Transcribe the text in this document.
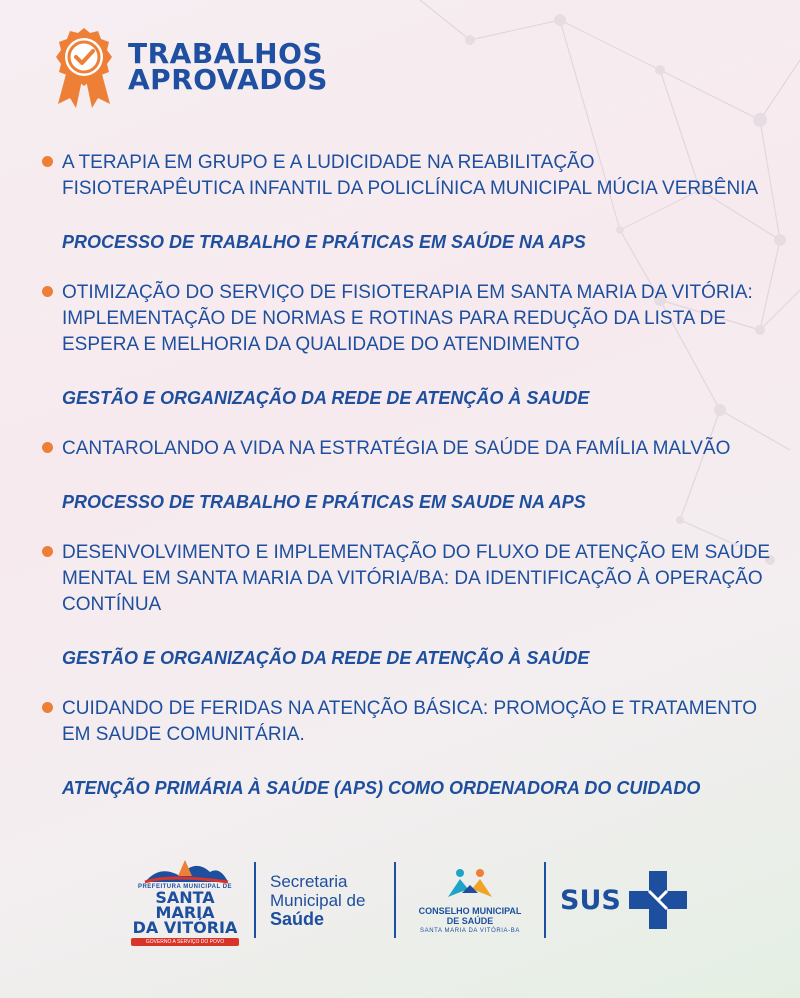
TRABALHOS
APROVADOS
A TERAPIA EM GRUPO E A LUDICIDADE NA REABILITAÇÃO FISIOTERAPÊUTICA INFANTIL DA POLICLÍNICA MUNICIPAL MÚCIA VERBÊNIA
PROCESSO DE TRABALHO E PRÁTICAS EM SAÚDE NA APS
OTIMIZAÇÃO DO SERVIÇO DE FISIOTERAPIA EM SANTA MARIA DA VITÓRIA: IMPLEMENTAÇÃO DE NORMAS E ROTINAS PARA REDUÇÃO DA LISTA DE ESPERA E MELHORIA DA QUALIDADE DO ATENDIMENTO
GESTÃO E ORGANIZAÇÃO DA REDE DE ATENÇÃO À SAUDE
CANTAROLANDO A VIDA NA ESTRATÉGIA DE SAÚDE DA FAMÍLIA MALVÃO
PROCESSO DE TRABALHO E PRÁTICAS EM SAUDE NA APS
DESENVOLVIMENTO E IMPLEMENTAÇÃO DO FLUXO DE ATENÇÃO EM SAÚDE MENTAL EM SANTA MARIA DA VITÓRIA/BA: DA IDENTIFICAÇÃO À OPERAÇÃO CONTÍNUA
GESTÃO E ORGANIZAÇÃO DA REDE DE ATENÇÃO À SAÚDE
CUIDANDO DE FERIDAS NA ATENÇÃO BÁSICA: PROMOÇÃO E TRATAMENTO EM SAUDE COMUNITÁRIA.
ATENÇÃO PRIMÁRIA À SAÚDE (APS) COMO ORDENADORA DO CUIDADO
PREFEITURA MUNICIPAL DE
SANTA MARIA
DA VITÓRIA
GOVERNO A SERVIÇO DO POVO
Secretaria
Municipal de
Saúde	CONSELHO MUNICIPAL
DE SAÚDE
SANTA MARIA DA VITÓRIA-BA
SUS
